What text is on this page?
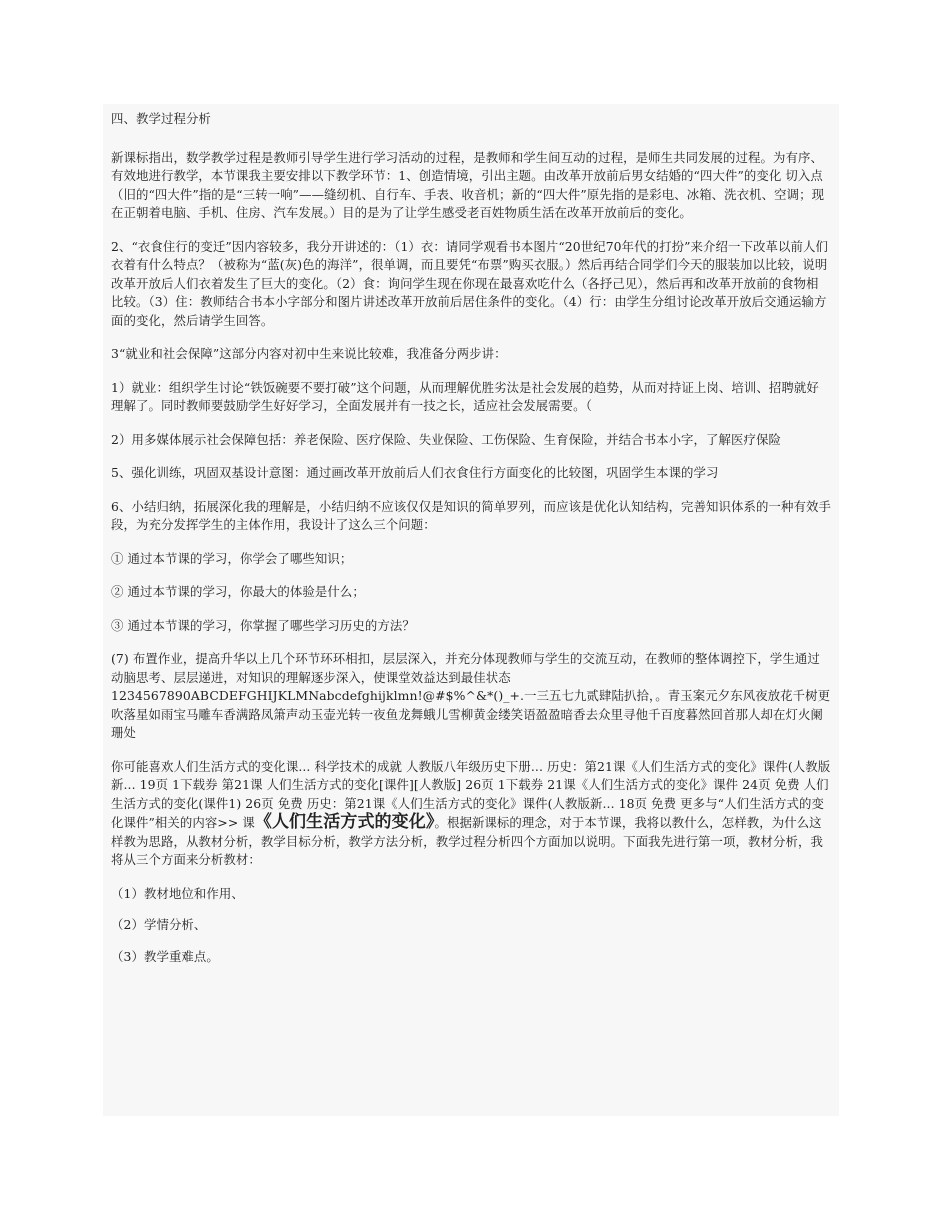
四、教学过程分析

新课标指出，数学教学过程是教师引导学生进行学习活动的过程，是教师和学生间互动的过程，是师生共同发展的过程。为有序、有效地进行教学，本节课我主要安排以下教学环节：1、创造情境，引出主题。由改革开放前后男女结婚的“四大件”的变化 切入点（旧的“四大件”指的是“三转一响”——缝纫机、自行车、手表、收音机；新的“四大件”原先指的是彩电、冰箱、洗衣机、空调；现在正朝着电脑、手机、住房、汽车发展。）目的是为了让学生感受老百姓物质生活在改革开放前后的变化。

2、“衣食住行的变迁”因内容较多，我分开讲述的：（1）衣：请同学观看书本图片“20世纪70年代的打扮”来介绍一下改革以前人们衣着有什么特点？（被称为“蓝(灰)色的海洋”，很单调，而且要凭“布票”购买衣服。）然后再结合同学们今天的服装加以比较，说明改革开放后人们衣着发生了巨大的变化。（2）食：询问学生现在你现在最喜欢吃什么（各抒己见），然后再和改革开放前的食物相比较。（3）住：教师结合书本小字部分和图片讲述改革开放前后居住条件的变化。（4）行：由学生分组讨论改革开放后交通运输方面的变化，然后请学生回答。

3“就业和社会保障”这部分内容对初中生来说比较难，我准备分两步讲：

1）就业：组织学生讨论“铁饭碗要不要打破”这个问题，从而理解优胜劣汰是社会发展的趋势，从而对持证上岗、培训、招聘就好理解了。同时教师要鼓励学生好好学习，全面发展并有一技之长，适应社会发展需要。（

2）用多媒体展示社会保障包括：养老保险、医疗保险、失业保险、工伤保险、生育保险，并结合书本小字，了解医疗保险

5、强化训练，巩固双基设计意图：通过画改革开放前后人们衣食住行方面变化的比较图，巩固学生本课的学习

6、小结归纳，拓展深化我的理解是，小结归纳不应该仅仅是知识的简单罗列，而应该是优化认知结构，完善知识体系的一种有效手段，为充分发挥学生的主体作用，我设计了这么三个问题：

① 通过本节课的学习，你学会了哪些知识；

② 通过本节课的学习，你最大的体验是什么；

③ 通过本节课的学习，你掌握了哪些学习历史的方法？

(7) 布置作业，提高升华以上几个环节环环相扣，层层深入，并充分体现教师与学生的交流互动，在教师的整体调控下，学生通过动脑思考、层层递进，对知识的理解逐步深入，使课堂效益达到最佳状态1234567890ABCDEFGHIJKLMNabcdefghijklmn!@#$%^&*()_+.一三五七九贰肆陆扒拾，。青玉案元夕东风夜放花千树更吹落星如雨宝马雕车香满路凤箫声动玉壶光转一夜鱼龙舞蛾儿雪柳黄金缕笑语盈盈暗香去众里寻他千百度暮然回首那人却在灯火阑珊处

你可能喜欢人们生活方式的变化课... 科学技术的成就 人教版八年级历史下册... 历史：第21课《人们生活方式的变化》课件(人教版新... 19页 1下载券 第21课 人们生活方式的变化[课件][人教版] 26页 1下载券 21课《人们生活方式的变化》课件 24页 免费 人们生活方式的变化(课件1) 26页 免费 历史：第21课《人们生活方式的变化》课件(人教版新... 18页 免费 更多与“人们生活方式的变化课件”相关的内容>> 课《人们生活方式的变化》。根据新课标的理念，对于本节课，我将以教什么，怎样教，为什么这样教为思路，从教材分析，教学目标分析，教学方法分析，教学过程分析四个方面加以说明。下面我先进行第一项，教材分析，我将从三个方面来分析教材：

（1）教材地位和作用、

（2）学情分析、

（3）教学重难点。
